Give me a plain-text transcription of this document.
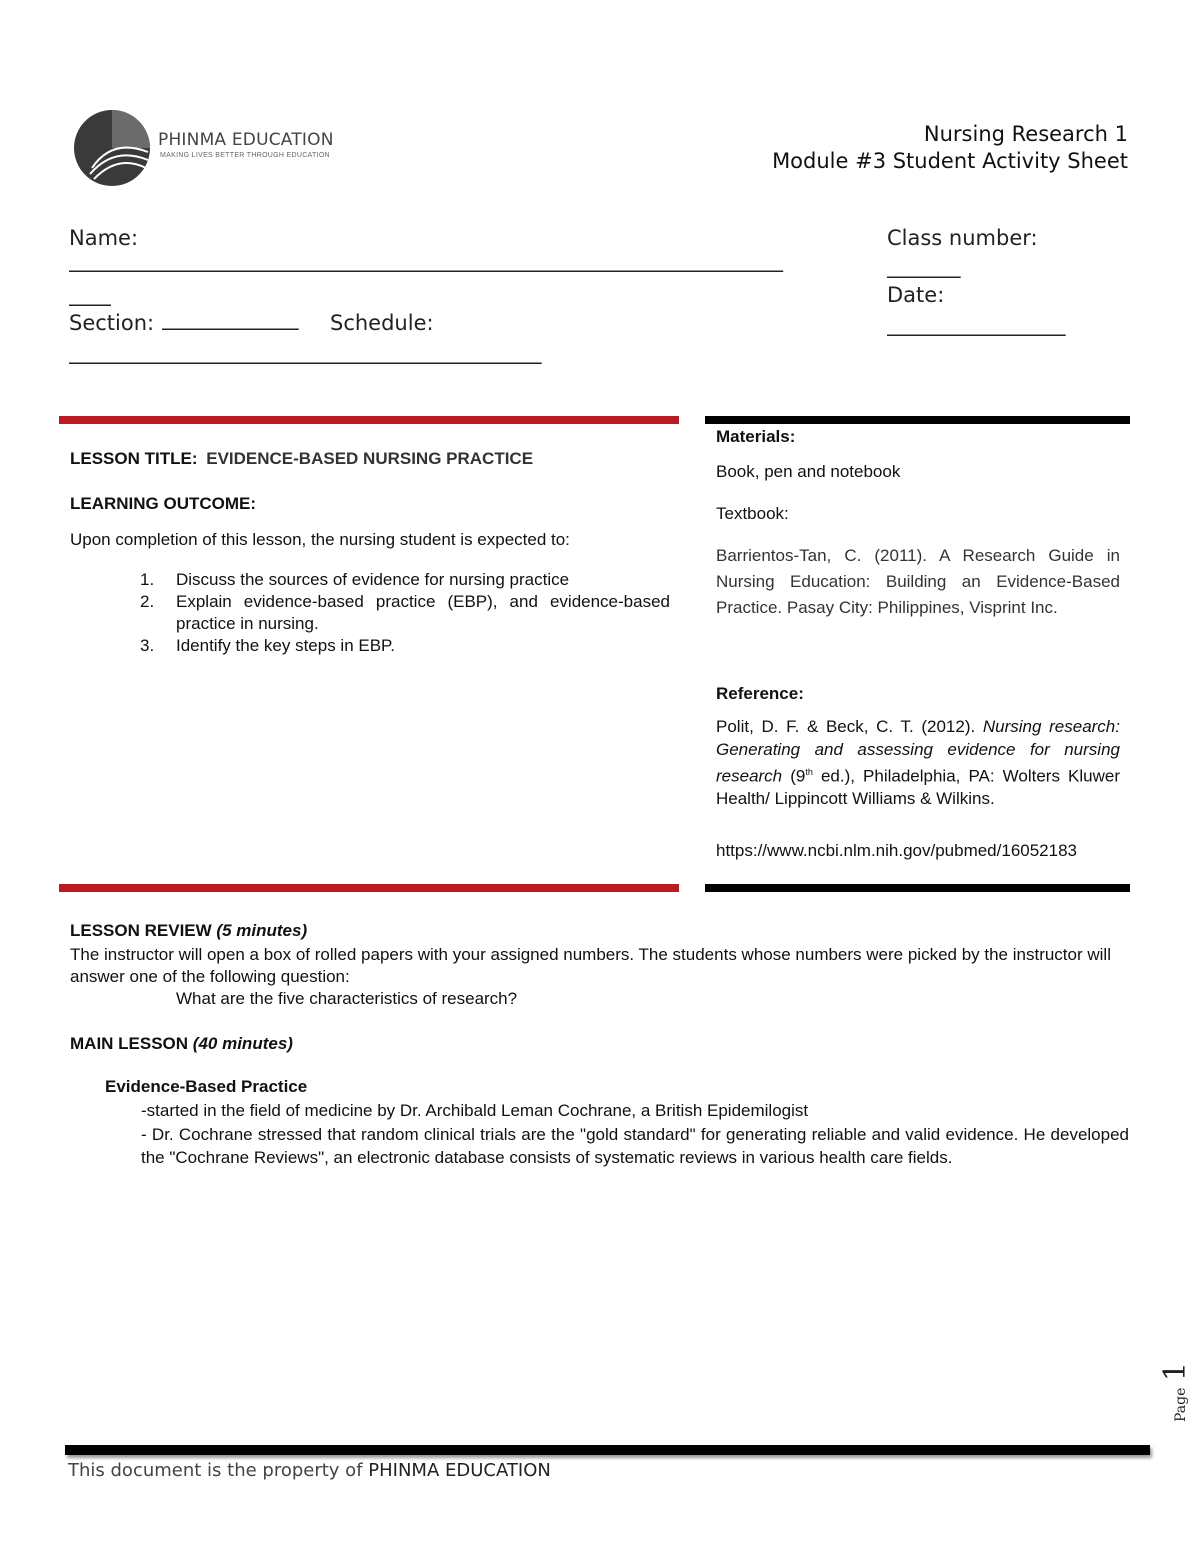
PHINMA EDUCATION
MAKING LIVES BETTER THROUGH EDUCATION
Nursing Research 1
Module #3 Student Activity Sheet
Name:
____________________________________________________________________
____
Section: _____________ Schedule:
_____________________________________________
Class number:
_______
Date:
_________________
LESSON TITLE: EVIDENCE-BASED NURSING PRACTICE
LEARNING OUTCOME:
Upon completion of this lesson, the nursing student is expected to:
1.	Discuss the sources of evidence for nursing practice
2.	Explain evidence-based practice (EBP), and evidence-based practice in nursing.
3.	Identify the key steps in EBP.
Materials:
Book, pen and notebook
Textbook:
Barrientos-Tan, C. (2011). A Research Guide in Nursing Education: Building an Evidence-Based Practice. Pasay City: Philippines, Visprint Inc.
Reference:
Polit, D. F. & Beck, C. T. (2012). Nursing research: Generating and assessing evidence for nursing research (9th ed.), Philadelphia, PA: Wolters Kluwer Health/ Lippincott Williams & Wilkins.
https://www.ncbi.nlm.nih.gov/pubmed/16052183
LESSON REVIEW (5 minutes)
The instructor will open a box of rolled papers with your assigned numbers. The students whose numbers were picked by the instructor will answer one of the following question:
What are the five characteristics of research?
MAIN LESSON (40 minutes)
Evidence-Based Practice
-started in the field of medicine by Dr. Archibald Leman Cochrane, a British Epidemilogist
- Dr. Cochrane stressed that random clinical trials are the "gold standard" for generating reliable and valid evidence. He developed the "Cochrane Reviews", an electronic database consists of systematic reviews in various health care fields.
Page 1
This document is the property of PHINMA EDUCATION
